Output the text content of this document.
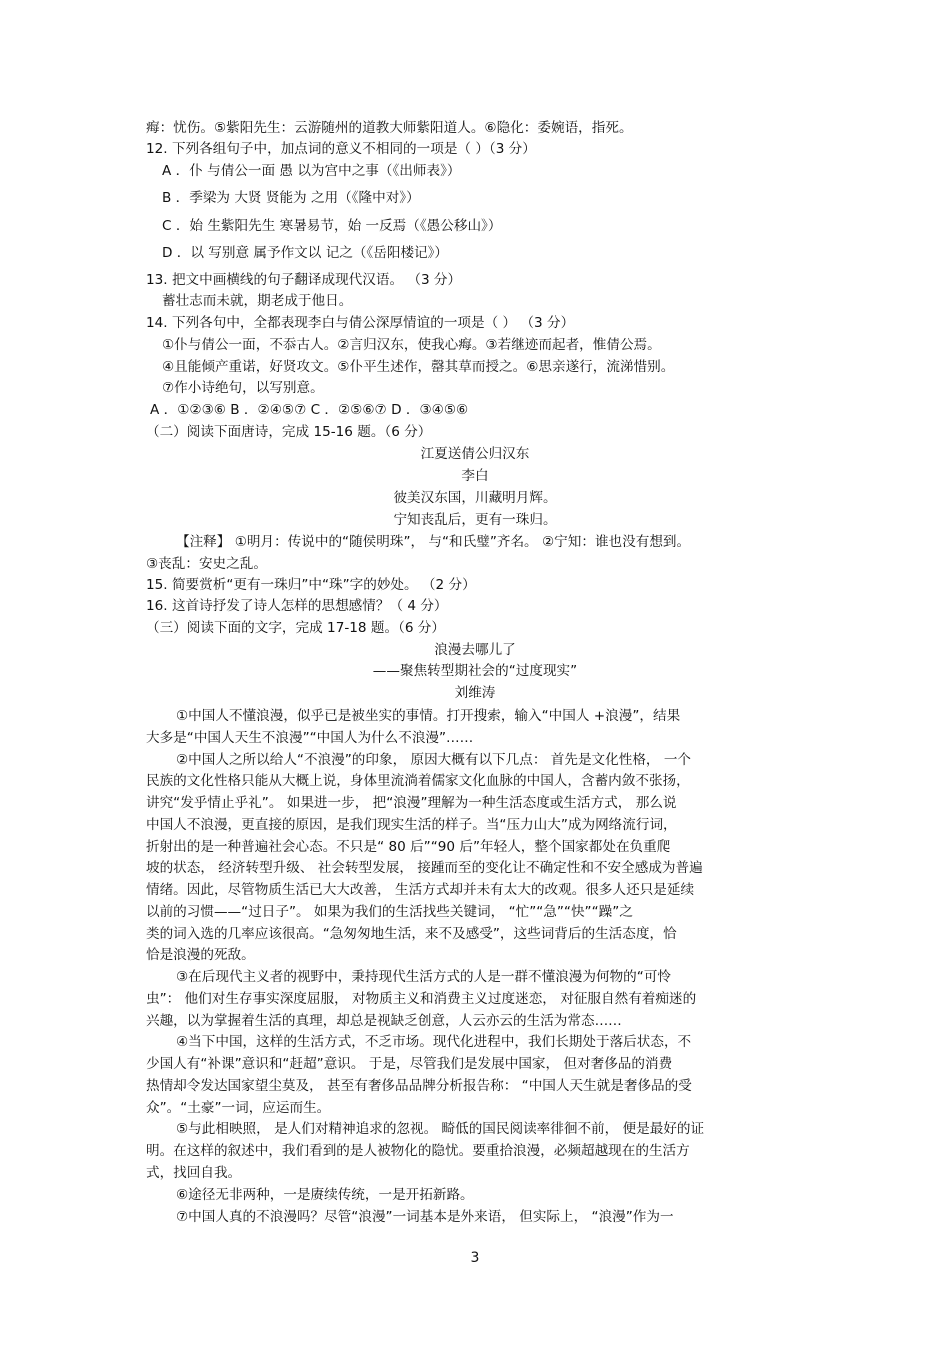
痗：忧伤。⑤紫阳先生：云游随州的道教大师紫阳道人。⑥隐化：委婉语，指死。
12. 下列各组句子中，加点词的意义不相同的一项是（ ）（3 分）
A ．仆 与倩公一面 愚 以为宫中之事（《出师表》）
B ．季梁为 大贤 贤能为 之用（《隆中对》）
C ．始 生紫阳先生 寒暑易节，始 一反焉（《愚公移山》）
D ．以 写别意 属予作文以 记之（《岳阳楼记》）
13. 把文中画横线的句子翻译成现代汉语。 （3 分）
蓄壮志而未就，期老成于他日。
14. 下列各句中，全都表现李白与倩公深厚情谊的一项是（ ） （3 分）
①仆与倩公一面，不忝古人。②言归汉东，使我心痗。③若继迹而起者，惟倩公焉。
④且能倾产重诺，好贤攻文。⑤仆平生述作，罄其草而授之。⑥思亲遂行，流涕惜别。
⑦作小诗绝句，以写别意。
A ．①②③⑥ B ．②④⑤⑦ C ．②⑤⑥⑦ D ．③④⑤⑥
（二）阅读下面唐诗，完成 15-16 题。（6 分）
江夏送倩公归汉东
李白
彼美汉东国，川藏明月辉。
宁知丧乱后，更有一珠归。
【注释】 ①明月：传说中的“随侯明珠”， 与“和氏璧”齐名。 ②宁知：谁也没有想到。
③丧乱：安史之乱。
15. 简要赏析“更有一珠归”中“珠”字的妙处。 （2 分）
16. 这首诗抒发了诗人怎样的思想感情？（ 4 分）
（三）阅读下面的文字，完成 17-18 题。（6 分）
浪漫去哪儿了
——聚焦转型期社会的“过度现实”
刘维涛
①中国人不懂浪漫，似乎已是被坐实的事情。打开搜索，输入“中国人 +浪漫”，结果
大多是“中国人天生不浪漫”“中国人为什么不浪漫”……
②中国人之所以给人“不浪漫”的印象， 原因大概有以下几点： 首先是文化性格， 一个
民族的文化性格只能从大概上说，身体里流淌着儒家文化血脉的中国人，含蓄内敛不张扬，
讲究“发乎情止乎礼”。 如果进一步， 把“浪漫”理解为一种生活态度或生活方式， 那么说
中国人不浪漫，更直接的原因，是我们现实生活的样子。当“压力山大”成为网络流行词，
折射出的是一种普遍社会心态。不只是“ 80 后”“90 后”年轻人，整个国家都处在负重爬
坡的状态， 经济转型升级、 社会转型发展， 接踵而至的变化让不确定性和不安全感成为普遍
情绪。因此，尽管物质生活已大大改善， 生活方式却并未有太大的改观。很多人还只是延续
以前的习惯——“过日子”。 如果为我们的生活找些关键词， “忙”“急”“快”“躁”之
类的词入选的几率应该很高。“急匆匆地生活，来不及感受”，这些词背后的生活态度，恰
恰是浪漫的死敌。
③在后现代主义者的视野中，秉持现代生活方式的人是一群不懂浪漫为何物的“可怜
虫”： 他们对生存事实深度屈服， 对物质主义和消费主义过度迷恋， 对征服自然有着痴迷的
兴趣，以为掌握着生活的真理，却总是视缺乏创意，人云亦云的生活为常态……
④当下中国，这样的生活方式，不乏市场。现代化进程中，我们长期处于落后状态，不
少国人有“补课”意识和“赶超”意识。 于是，尽管我们是发展中国家， 但对奢侈品的消费
热情却令发达国家望尘莫及， 甚至有奢侈品品牌分析报告称： “中国人天生就是奢侈品的受
众”。“土豪”一词，应运而生。
⑤与此相映照， 是人们对精神追求的忽视。 畸低的国民阅读率徘徊不前， 便是最好的证
明。在这样的叙述中，我们看到的是人被物化的隐忧。要重拾浪漫，必频超越现在的生活方
式，找回自我。
⑥途径无非两种，一是赓续传统，一是开拓新路。
⑦中国人真的不浪漫吗？尽管“浪漫”一词基本是外来语， 但实际上， “浪漫”作为一
3
